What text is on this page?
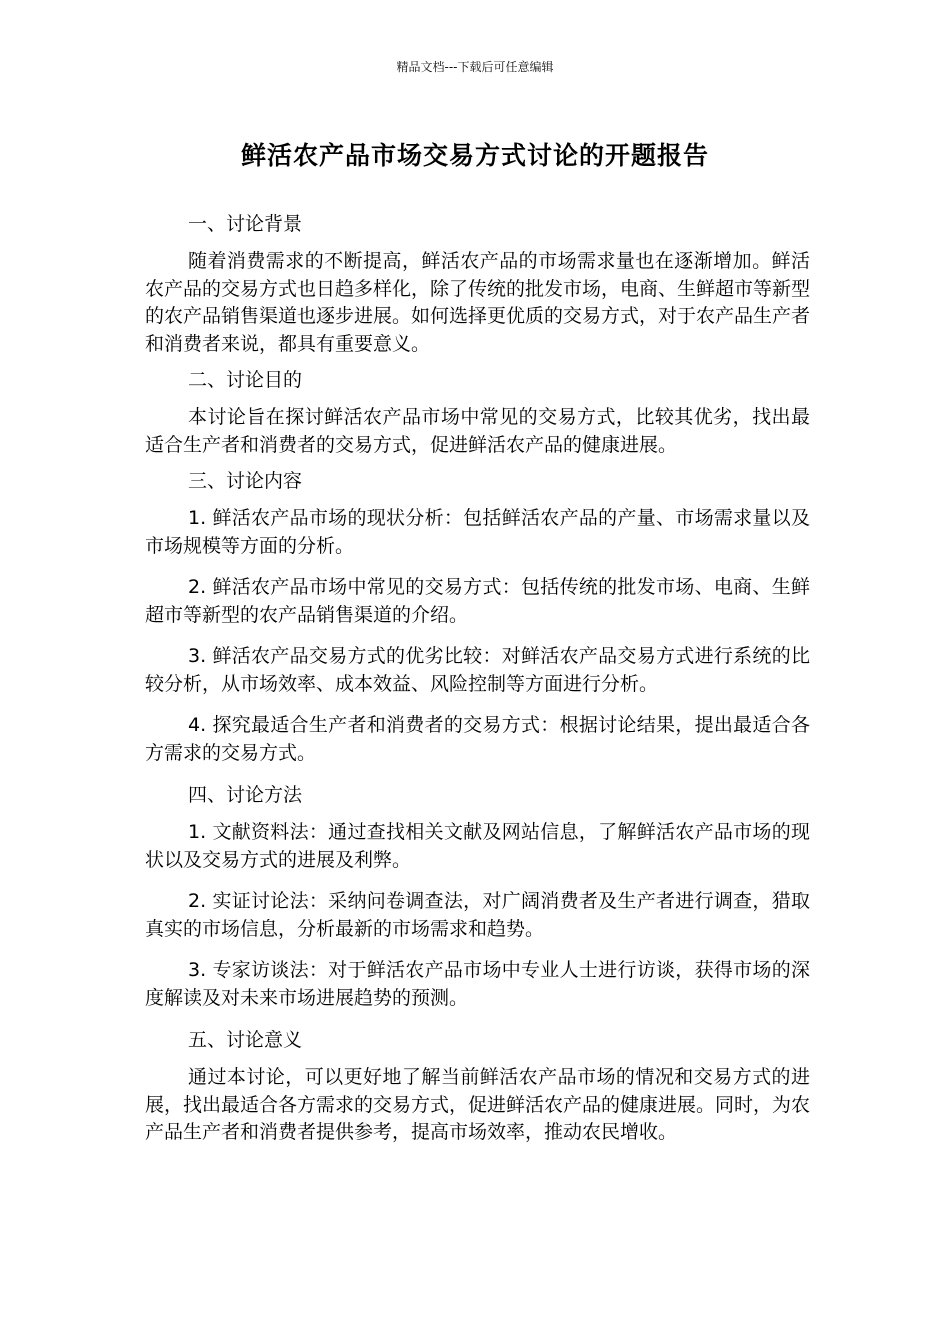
精品文档---下载后可任意编辑
鲜活农产品市场交易方式讨论的开题报告
一、讨论背景

随着消费需求的不断提高，鲜活农产品的市场需求量也在逐渐增加。鲜活农产品的交易方式也日趋多样化，除了传统的批发市场，电商、生鲜超市等新型的农产品销售渠道也逐步进展。如何选择更优质的交易方式，对于农产品生产者和消费者来说，都具有重要意义。

二、讨论目的

本讨论旨在探讨鲜活农产品市场中常见的交易方式，比较其优劣，找出最适合生产者和消费者的交易方式，促进鲜活农产品的健康进展。

三、讨论内容

1. 鲜活农产品市场的现状分析：包括鲜活农产品的产量、市场需求量以及市场规模等方面的分析。

2. 鲜活农产品市场中常见的交易方式：包括传统的批发市场、电商、生鲜超市等新型的农产品销售渠道的介绍。

3. 鲜活农产品交易方式的优劣比较：对鲜活农产品交易方式进行系统的比较分析，从市场效率、成本效益、风险控制等方面进行分析。

4. 探究最适合生产者和消费者的交易方式：根据讨论结果，提出最适合各方需求的交易方式。

四、讨论方法

1. 文献资料法：通过查找相关文献及网站信息，了解鲜活农产品市场的现状以及交易方式的进展及利弊。

2. 实证讨论法：采纳问卷调查法，对广阔消费者及生产者进行调查，猎取真实的市场信息，分析最新的市场需求和趋势。

3. 专家访谈法：对于鲜活农产品市场中专业人士进行访谈，获得市场的深度解读及对未来市场进展趋势的预测。

五、讨论意义

通过本讨论，可以更好地了解当前鲜活农产品市场的情况和交易方式的进展，找出最适合各方需求的交易方式，促进鲜活农产品的健康进展。同时，为农产品生产者和消费者提供参考，提高市场效率，推动农民增收。
